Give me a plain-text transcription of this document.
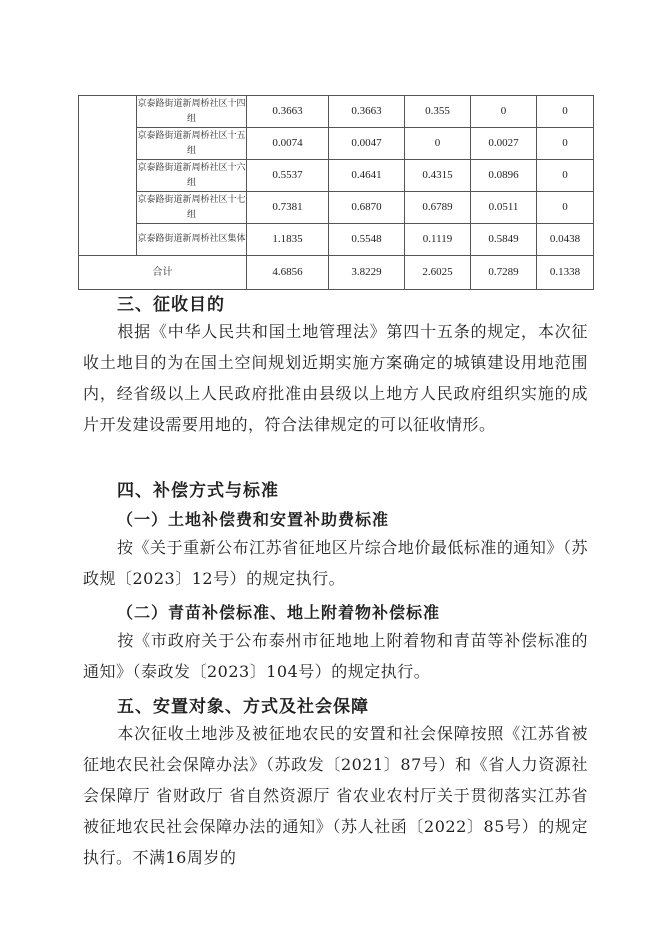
	京泰路街道新周桥社区十四组	0.3663	0.3663	0.355	0	0
	京泰路街道新周桥社区十五组	0.0074	0.0047	0	0.0027	0
	京泰路街道新周桥社区十六组	0.5537	0.4641	0.4315	0.0896	0
	京泰路街道新周桥社区十七组	0.7381	0.6870	0.6789	0.0511	0
	京泰路街道新周桥社区集体	1.1835	0.5548	0.1119	0.5849	0.0438
合计		4.6856	3.8229	2.6025	0.7289	0.1338
三、征收目的
根据《中华人民共和国土地管理法》第四十五条的规定，本次征收土地目的为在国土空间规划近期实施方案确定的城镇建设用地范围内，经省级以上人民政府批准由县级以上地方人民政府组织实施的成片开发建设需要用地的，符合法律规定的可以征收情形。
四、补偿方式与标准
（一）土地补偿费和安置补助费标准
按《关于重新公布江苏省征地区片综合地价最低标准的通知》（苏政规〔2023〕12号）的规定执行。
（二）青苗补偿标准、地上附着物补偿标准
按《市政府关于公布泰州市征地地上附着物和青苗等补偿标准的通知》（泰政发〔2023〕104号）的规定执行。
五、安置对象、方式及社会保障
本次征收土地涉及被征地农民的安置和社会保障按照《江苏省被征地农民社会保障办法》（苏政发〔2021〕87号）和《省人力资源社会保障厅 省财政厅 省自然资源厅 省农业农村厅关于贯彻落实江苏省被征地农民社会保障办法的通知》（苏人社函〔2022〕85号）的规定执行。不满16周岁的
